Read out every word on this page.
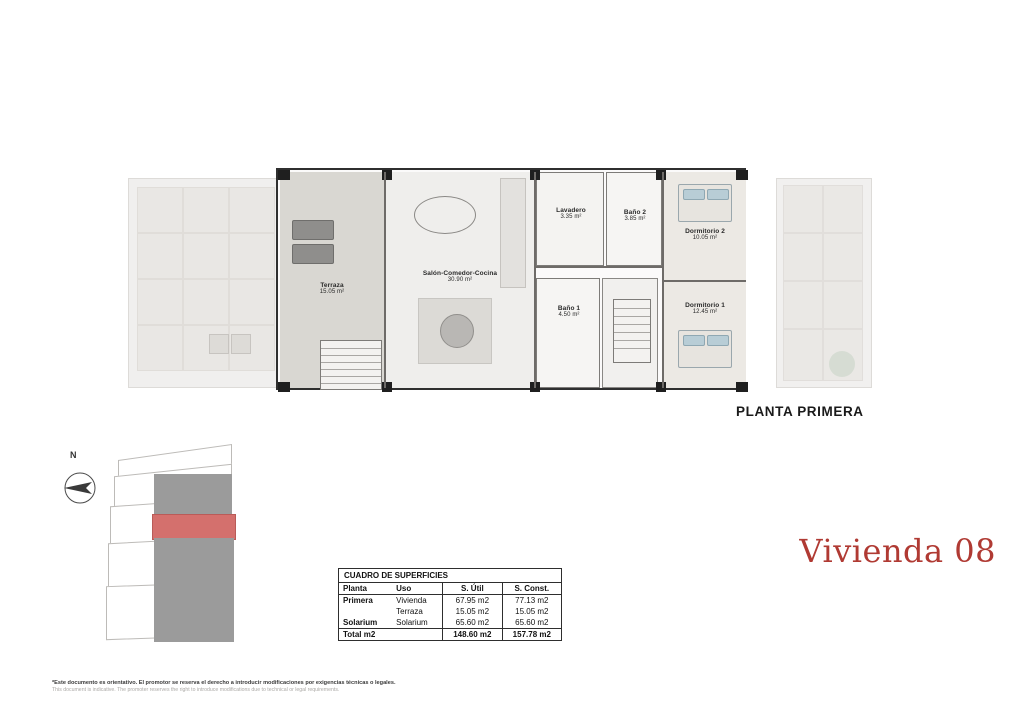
Terraza
15.05 m²
Salón-Comedor-Cocina
30.90 m²
Lavadero
3.35 m²
Baño 2
3.85 m²
Dormitorio 2
10.05 m²
Baño 1
4.50 m²
Dormitorio 1
12.45 m²
PLANTA PRIMERA
N
CUADRO DE SUPERFICIES
Planta	Uso	S. Útil	S. Const.
Primera	Vivienda	67.95 m2	77.13 m2
	Terraza	15.05 m2	15.05 m2
Solarium	Solarium	65.60 m2	65.60 m2
Total m2		148.60 m2	157.78 m2
Vivienda 08
*Este documento es orientativo. El promotor se reserva el derecho a introducir modificaciones por exigencias técnicas o legales.
This document is indicative. The promoter reserves the right to introduce modifications due to technical or legal requirements.
